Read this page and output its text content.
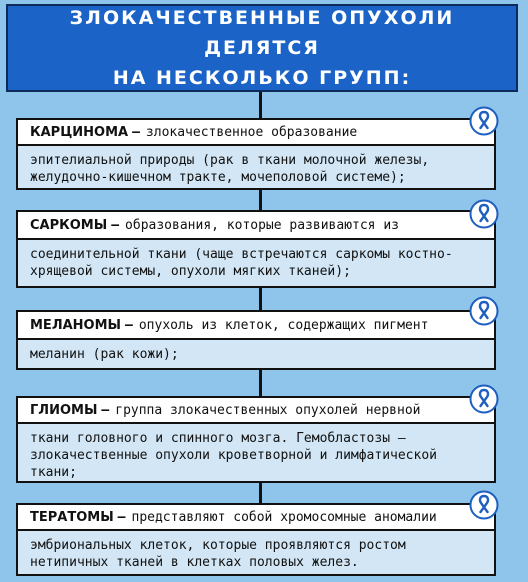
ЗЛОКАЧЕСТВЕННЫЕ ОПУХОЛИ ДЕЛЯТСЯ
НА НЕСКОЛЬКО ГРУПП:
КАРЦИНОМА – злокачественное образование
эпителиальной природы (рак в ткани молочной железы, желудочно-кишечном тракте, мочеполовой системе);
САРКОМЫ – образования, которые развиваются из
соединительной ткани (чаще встречаются саркомы костно-хрящевой системы, опухоли мягких тканей);
МЕЛАНОМЫ – опухоль из клеток, содержащих пигмент
меланин (рак кожи);
ГЛИОМЫ – группа злокачественных опухолей нервной
ткани головного и спинного мозга. Гемобластозы – злокачественные опухоли кроветворной и лимфатической ткани;
ТЕРАТОМЫ – представляют собой хромосомные аномалии
эмбриональных клеток, которые проявляются ростом нетипичных тканей в клетках половых желез.
